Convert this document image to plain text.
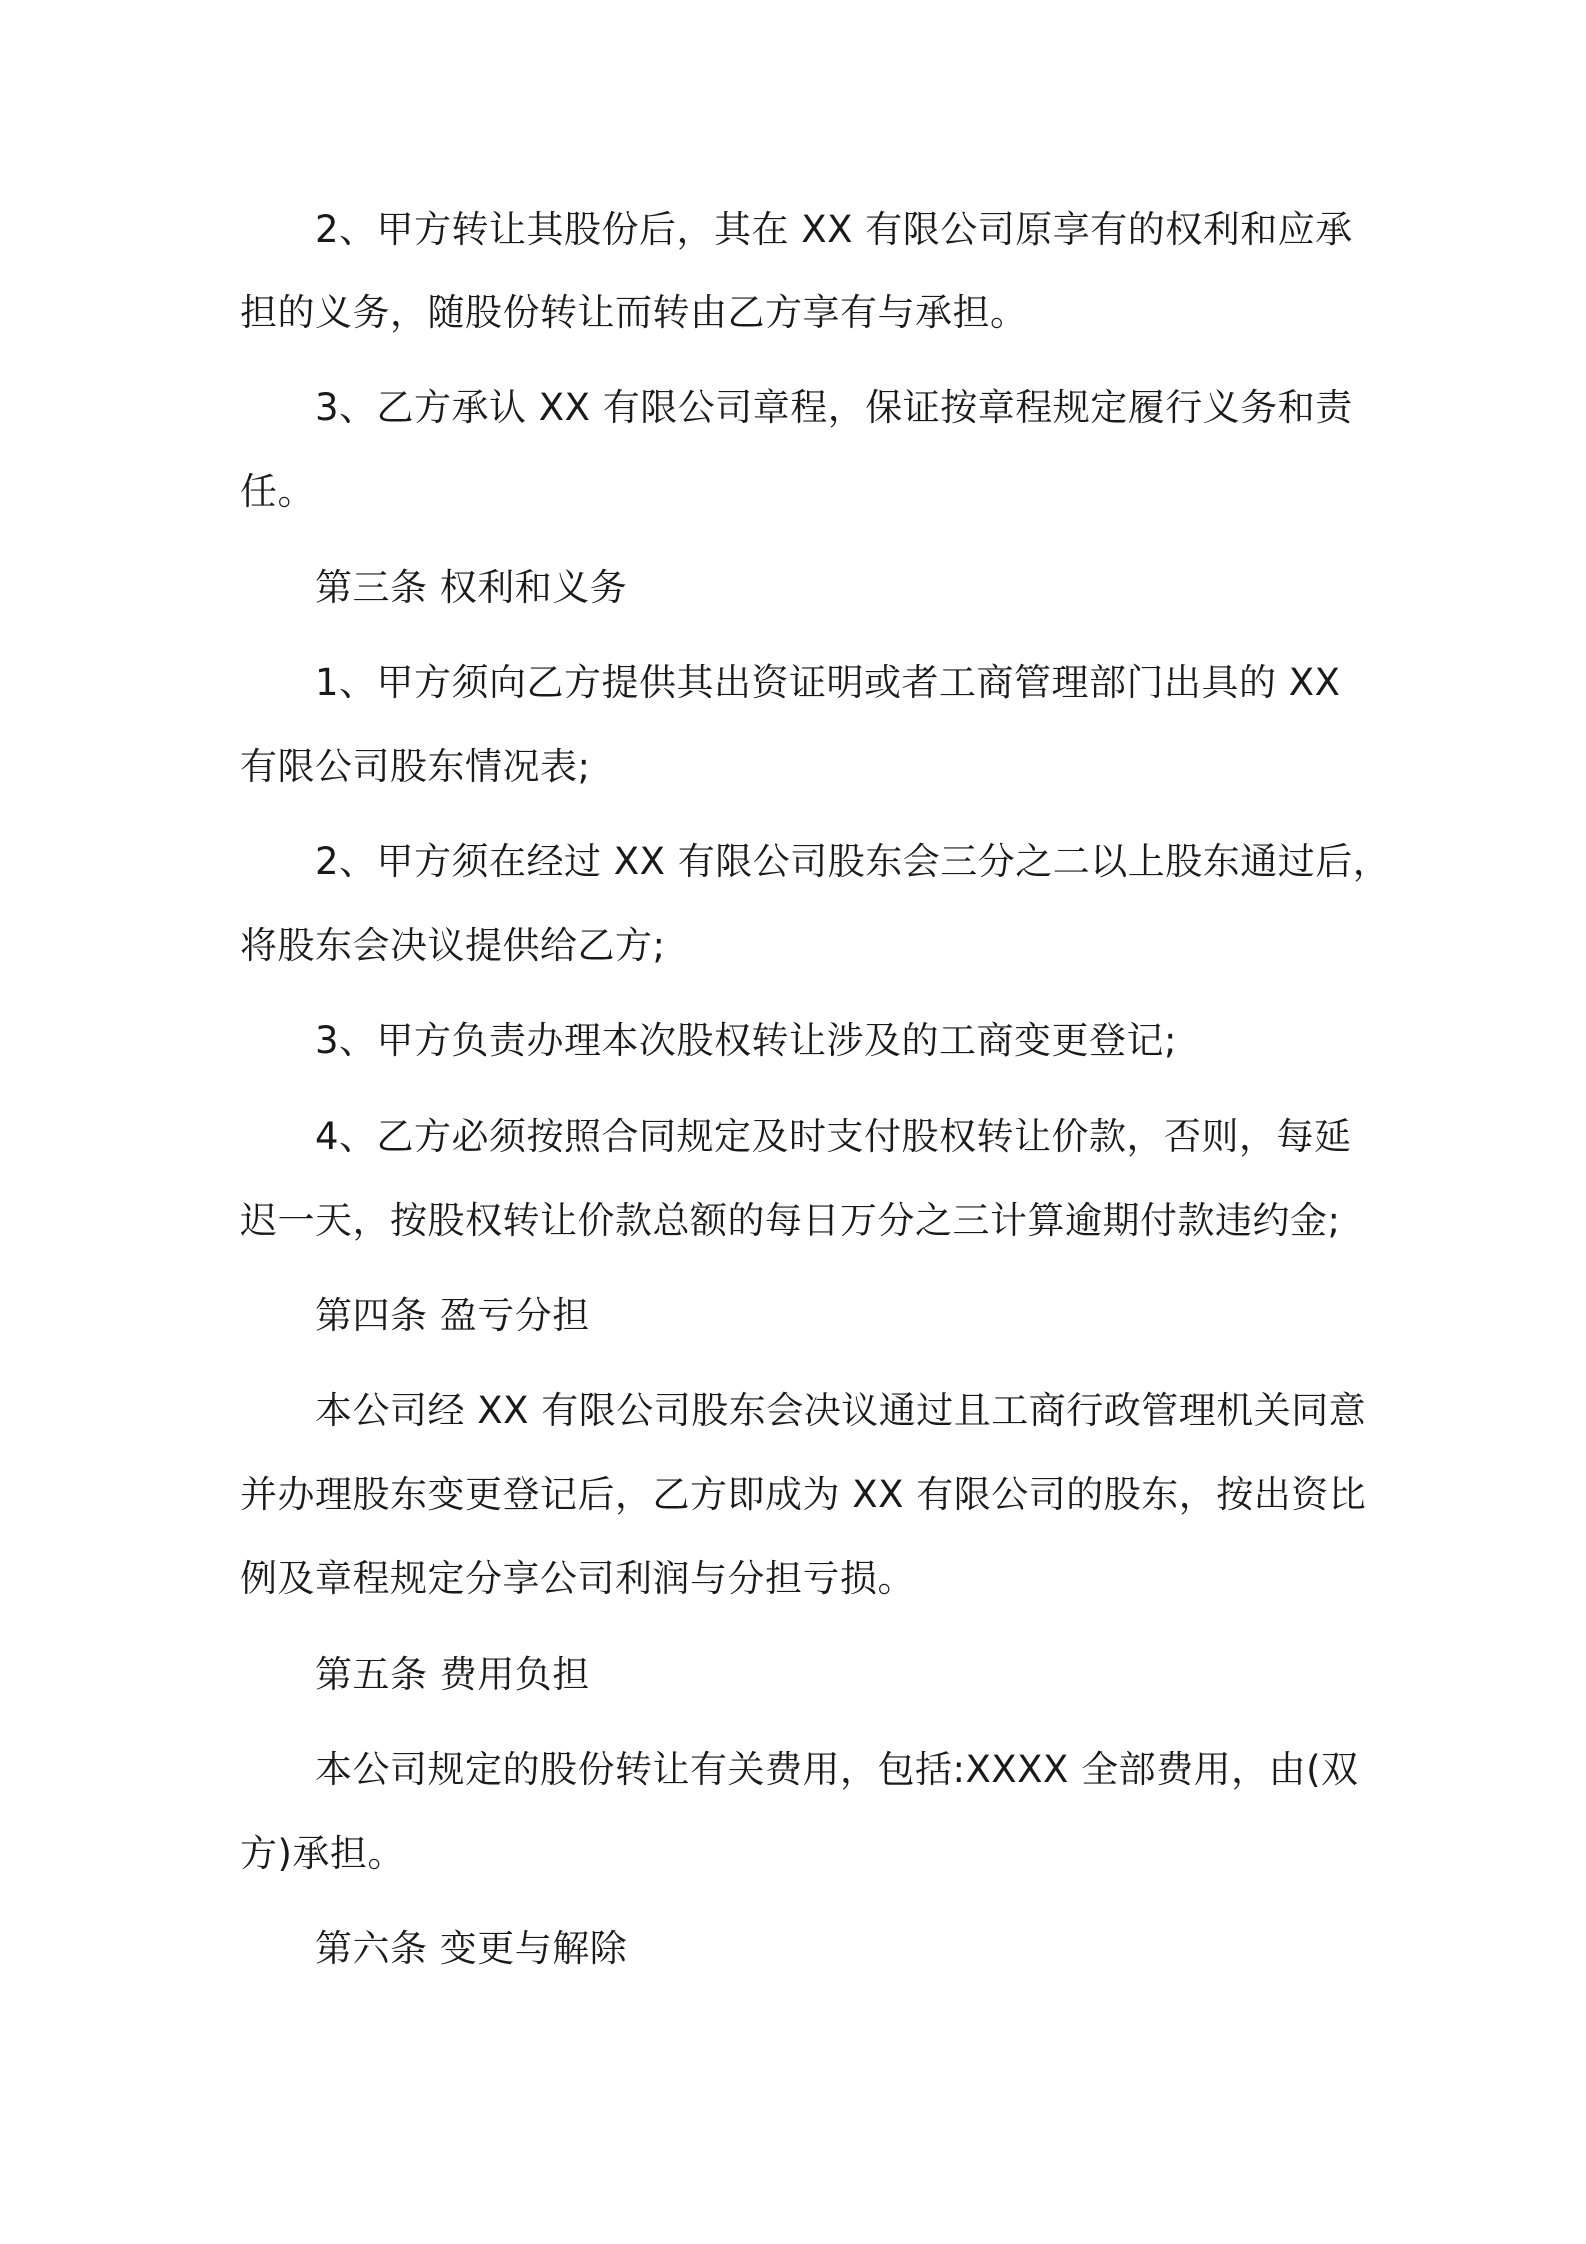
2、甲方转让其股份后，其在 XX 有限公司原享有的权利和应承
担的义务，随股份转让而转由乙方享有与承担。
3、乙方承认 XX 有限公司章程，保证按章程规定履行义务和责
任。
第三条 权利和义务
1、甲方须向乙方提供其出资证明或者工商管理部门出具的 XX
有限公司股东情况表;
2、甲方须在经过 XX 有限公司股东会三分之二以上股东通过后，
将股东会决议提供给乙方;
3、甲方负责办理本次股权转让涉及的工商变更登记;
4、乙方必须按照合同规定及时支付股权转让价款，否则，每延
迟一天，按股权转让价款总额的每日万分之三计算逾期付款违约金;
第四条 盈亏分担
本公司经 XX 有限公司股东会决议通过且工商行政管理机关同意
并办理股东变更登记后，乙方即成为 XX 有限公司的股东，按出资比
例及章程规定分享公司利润与分担亏损。
第五条 费用负担
本公司规定的股份转让有关费用，包括:XXXX 全部费用，由(双
方)承担。
第六条 变更与解除
